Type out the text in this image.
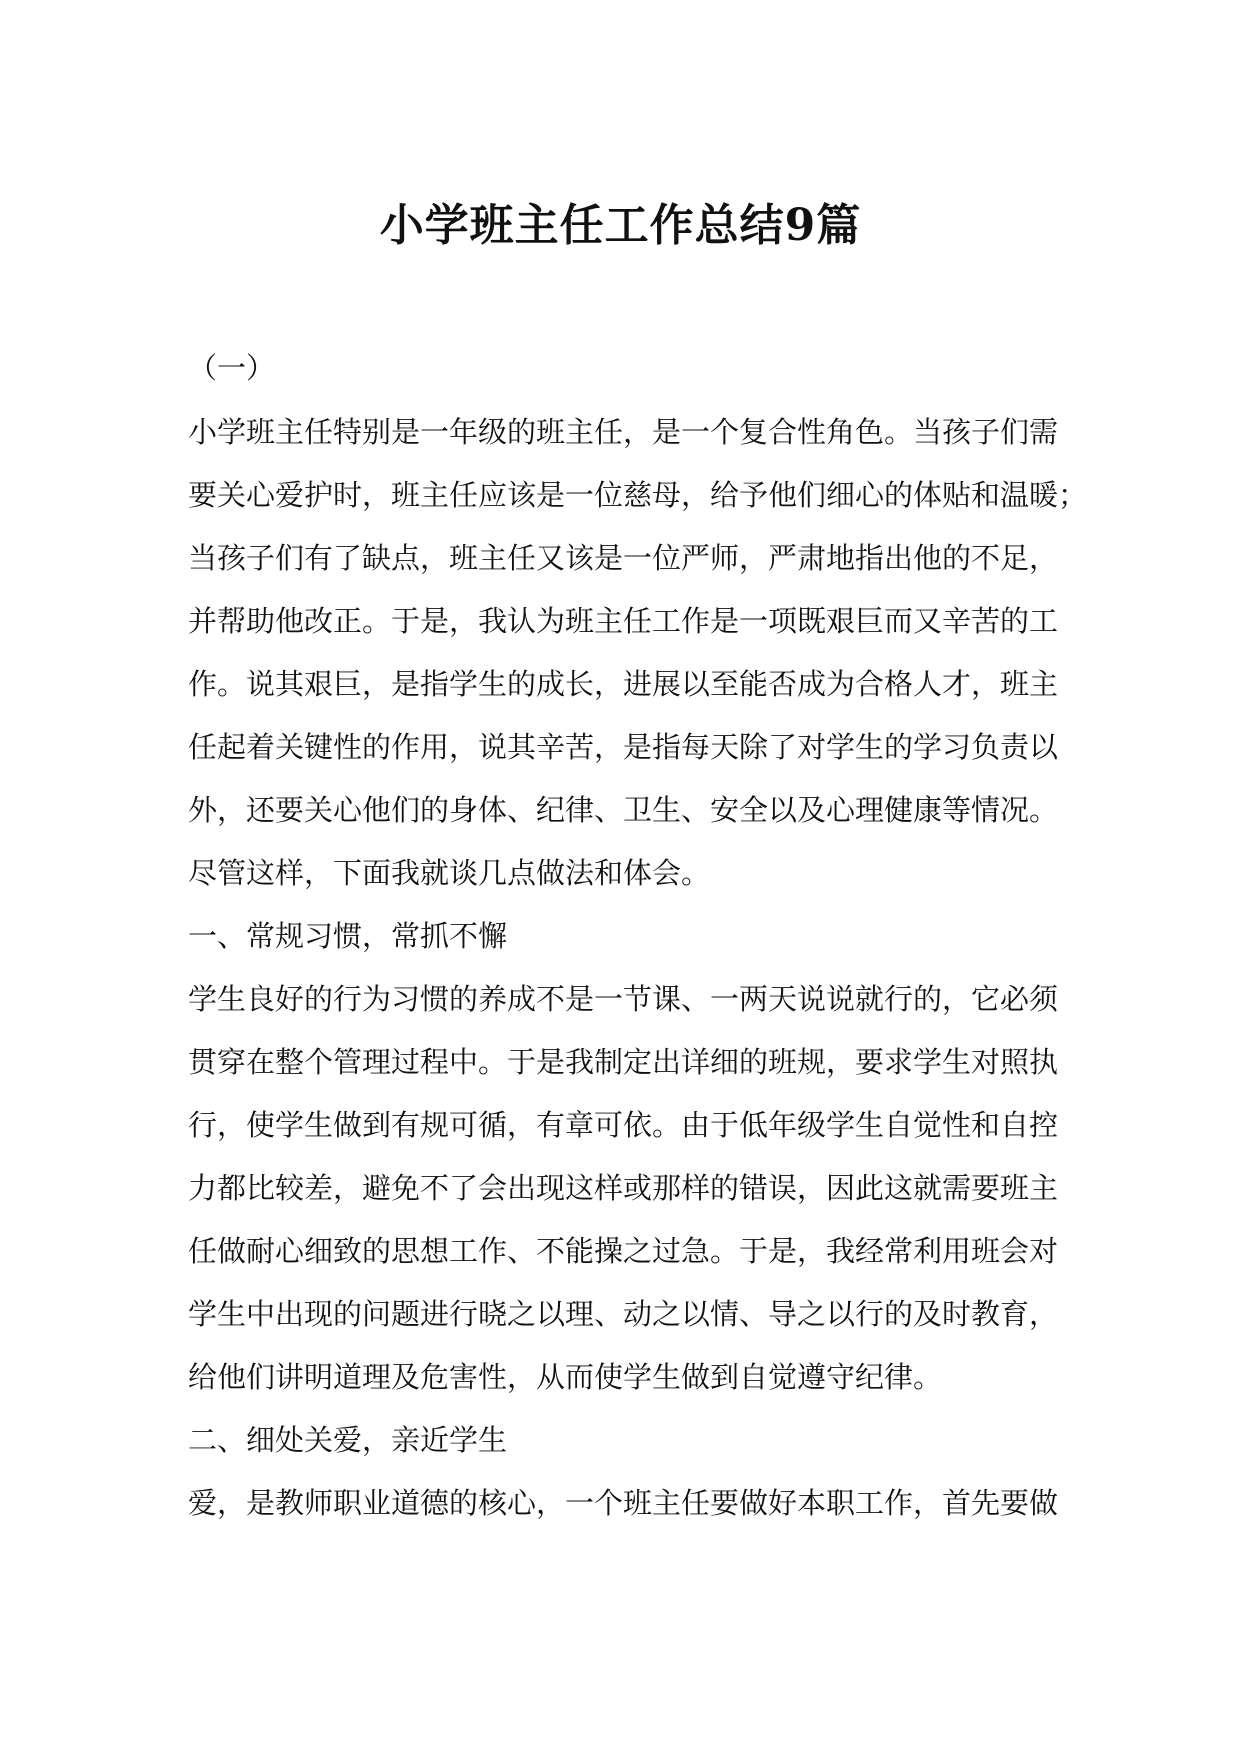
小学班主任工作总结9篇
（一）
小学班主任特别是一年级的班主任，是一个复合性角色。当孩子们需
要关心爱护时，班主任应该是一位慈母，给予他们细心的体贴和温暖；
当孩子们有了缺点，班主任又该是一位严师，严肃地指出他的不足，
并帮助他改正。于是，我认为班主任工作是一项既艰巨而又辛苦的工
作。说其艰巨，是指学生的成长，进展以至能否成为合格人才，班主
任起着关键性的作用，说其辛苦，是指每天除了对学生的学习负责以
外，还要关心他们的身体、纪律、卫生、安全以及心理健康等情况。
尽管这样，下面我就谈几点做法和体会。
一、常规习惯，常抓不懈
学生良好的行为习惯的养成不是一节课、一两天说说就行的，它必须
贯穿在整个管理过程中。于是我制定出详细的班规，要求学生对照执
行，使学生做到有规可循，有章可依。由于低年级学生自觉性和自控
力都比较差，避免不了会出现这样或那样的错误，因此这就需要班主
任做耐心细致的思想工作、不能操之过急。于是，我经常利用班会对
学生中出现的问题进行晓之以理、动之以情、导之以行的及时教育，
给他们讲明道理及危害性，从而使学生做到自觉遵守纪律。
二、细处关爱，亲近学生
爱，是教师职业道德的核心，一个班主任要做好本职工作，首先要做
